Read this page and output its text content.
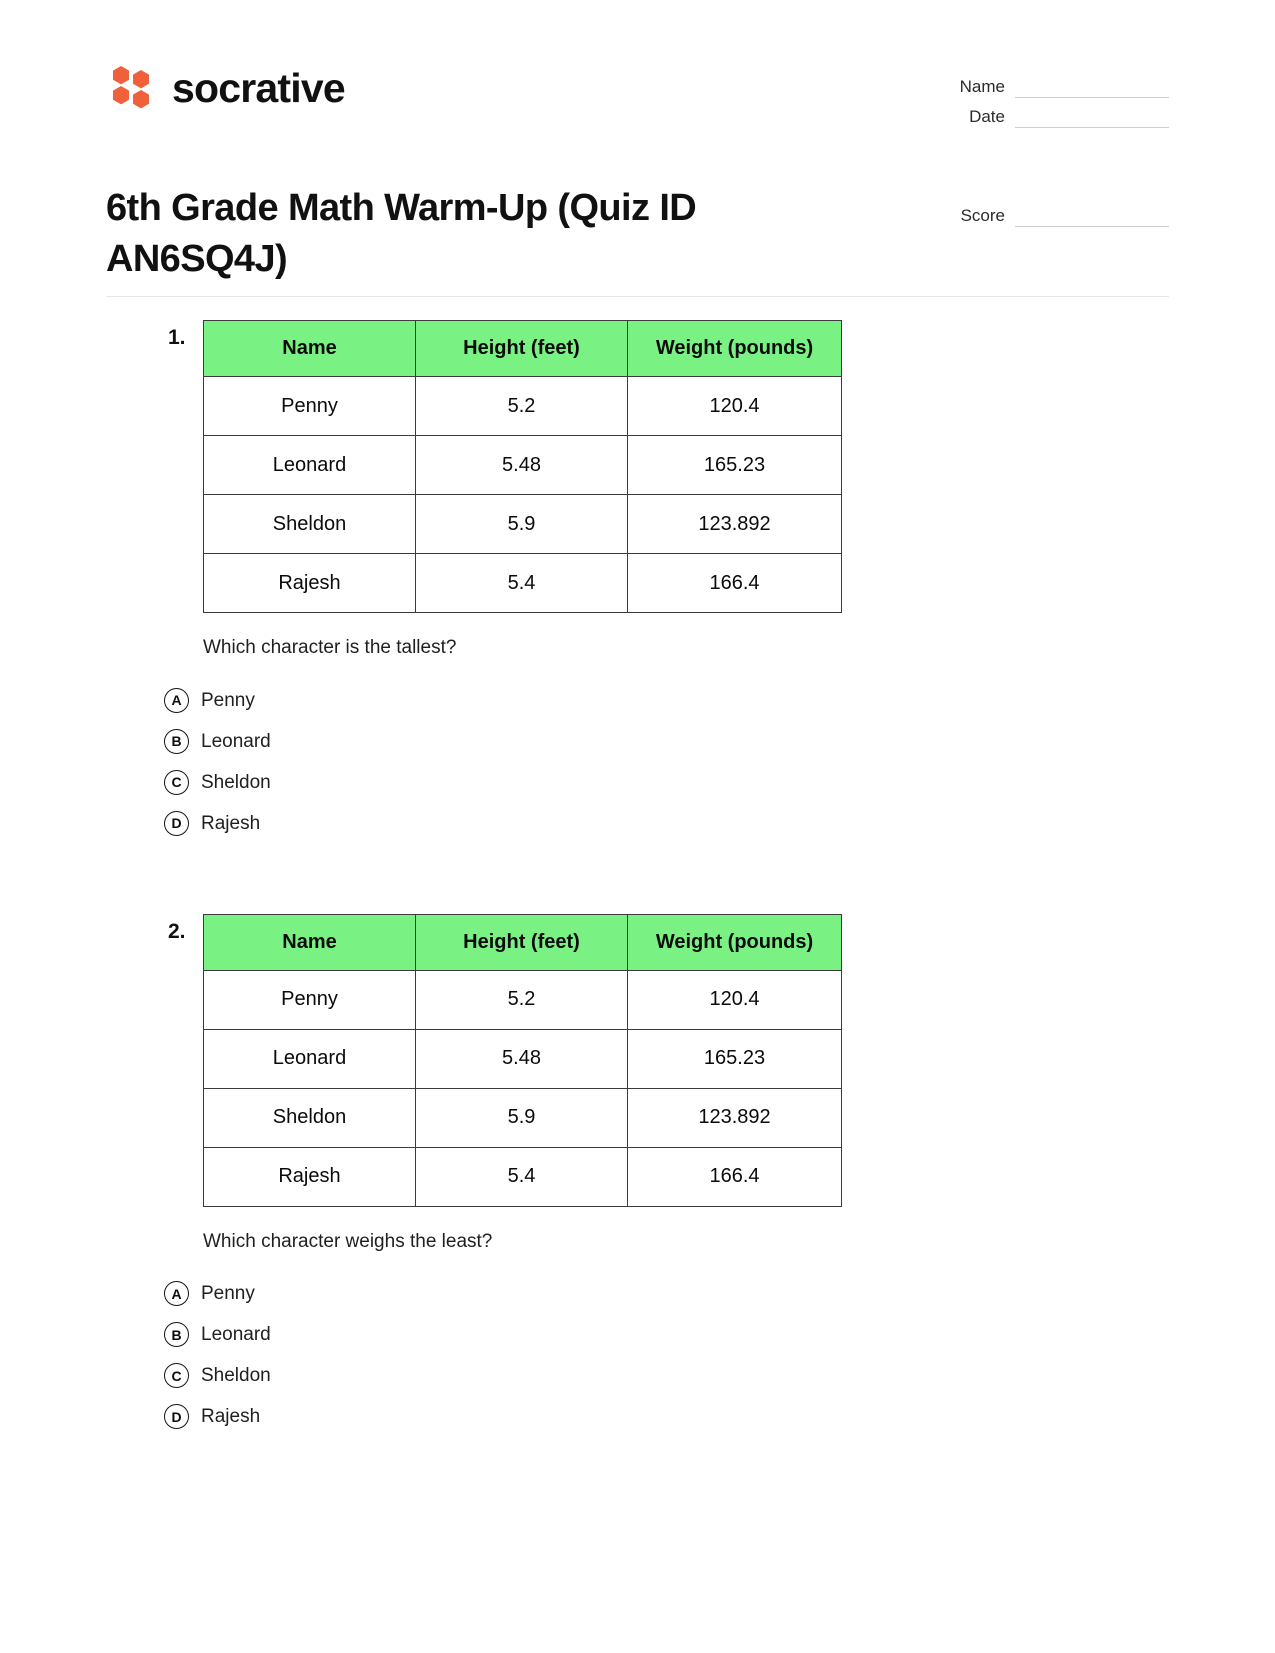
socrative	Name
Date
Score
6th Grade Math Warm-Up (Quiz ID AN6SQ4J)
1.	Name	Height (feet)	Weight (pounds)
Penny	5.2	120.4
Leonard	5.48	165.23
Sheldon	5.9	123.892
Rajesh	5.4	166.4

Which character is the tallest?

A	Penny
B	Leonard
C	Sheldon
D	Rajesh
2.	Name	Height (feet)	Weight (pounds)
Penny	5.2	120.4
Leonard	5.48	165.23
Sheldon	5.9	123.892
Rajesh	5.4	166.4

Which character weighs the least?

A	Penny
B	Leonard
C	Sheldon
D	Rajesh
